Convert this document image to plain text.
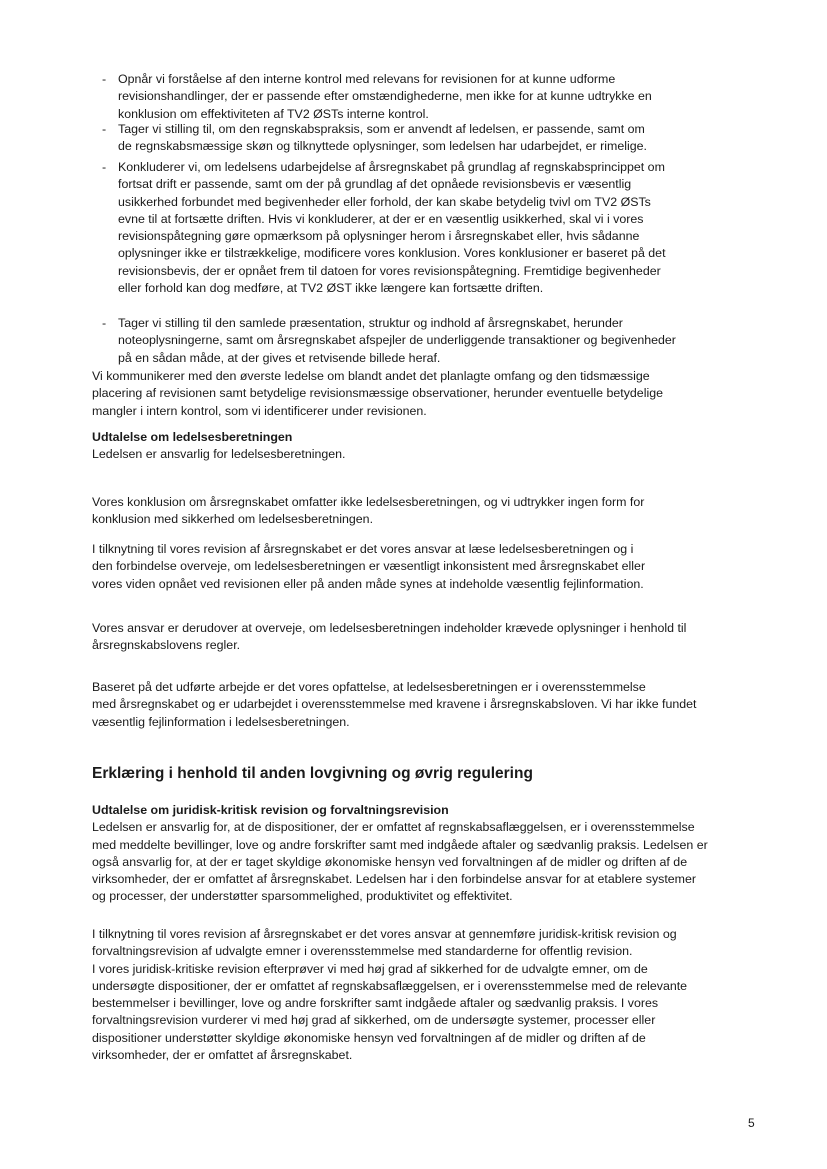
- Opnår vi forståelse af den interne kontrol med relevans for revisionen for at kunne udforme
revisionshandlinger, der er passende efter omstændighederne, men ikke for at kunne udtrykke en
konklusion om effektiviteten af TV2 ØSTs interne kontrol.
- Tager vi stilling til, om den regnskabspraksis, som er anvendt af ledelsen, er passende, samt om
de regnskabsmæssige skøn og tilknyttede oplysninger, som ledelsen har udarbejdet, er rimelige.
- Konkluderer vi, om ledelsens udarbejdelse af årsregnskabet på grundlag af regnskabsprincippet om
fortsat drift er passende, samt om der på grundlag af det opnåede revisionsbevis er væsentlig
usikkerhed forbundet med begivenheder eller forhold, der kan skabe betydelig tvivl om TV2 ØSTs
evne til at fortsætte driften. Hvis vi konkluderer, at der er en væsentlig usikkerhed, skal vi i vores
revisionspåtegning gøre opmærksom på oplysninger herom i årsregnskabet eller, hvis sådanne
oplysninger ikke er tilstrækkelige, modificere vores konklusion. Vores konklusioner er baseret på det
revisionsbevis, der er opnået frem til datoen for vores revisionspåtegning. Fremtidige begivenheder
eller forhold kan dog medføre, at TV2 ØST ikke længere kan fortsætte driften.
- Tager vi stilling til den samlede præsentation, struktur og indhold af årsregnskabet, herunder
noteoplysningerne, samt om årsregnskabet afspejler de underliggende transaktioner og begivenheder
på en sådan måde, at der gives et retvisende billede heraf.
Vi kommunikerer med den øverste ledelse om blandt andet det planlagte omfang og den tidsmæssige
placering af revisionen samt betydelige revisionsmæssige observationer, herunder eventuelle betydelige
mangler i intern kontrol, som vi identificerer under revisionen.
Udtalelse om ledelsesberetningen
Ledelsen er ansvarlig for ledelsesberetningen.
Vores konklusion om årsregnskabet omfatter ikke ledelsesberetningen, og vi udtrykker ingen form for
konklusion med sikkerhed om ledelsesberetningen.
I tilknytning til vores revision af årsregnskabet er det vores ansvar at læse ledelsesberetningen og i
den forbindelse overveje, om ledelsesberetningen er væsentligt inkonsistent med årsregnskabet eller
vores viden opnået ved revisionen eller på anden måde synes at indeholde væsentlig fejlinformation.
Vores ansvar er derudover at overveje, om ledelsesberetningen indeholder krævede oplysninger i henhold til
årsregnskabslovens regler.
Baseret på det udførte arbejde er det vores opfattelse, at ledelsesberetningen er i overensstemmelse
med årsregnskabet og er udarbejdet i overensstemmelse med kravene i årsregnskabsloven. Vi har ikke fundet
væsentlig fejlinformation i ledelsesberetningen.
Erklæring i henhold til anden lovgivning og øvrig regulering
Udtalelse om juridisk-kritisk revision og forvaltningsrevision
Ledelsen er ansvarlig for, at de dispositioner, der er omfattet af regnskabsaflæggelsen, er i overensstemmelse
med meddelte bevillinger, love og andre forskrifter samt med indgåede aftaler og sædvanlig praksis. Ledelsen er
også ansvarlig for, at der er taget skyldige økonomiske hensyn ved forvaltningen af de midler og driften af de
virksomheder, der er omfattet af årsregnskabet. Ledelsen har i den forbindelse ansvar for at etablere systemer
og processer, der understøtter sparsommelighed, produktivitet og effektivitet.
I tilknytning til vores revision af årsregnskabet er det vores ansvar at gennemføre juridisk-kritisk revision og
forvaltningsrevision af udvalgte emner i overensstemmelse med standarderne for offentlig revision.
I vores juridisk-kritiske revision efterprøver vi med høj grad af sikkerhed for de udvalgte emner, om de
undersøgte dispositioner, der er omfattet af regnskabsaflæggelsen, er i overensstemmelse med de relevante
bestemmelser i bevillinger, love og andre forskrifter samt indgåede aftaler og sædvanlig praksis. I vores
forvaltningsrevision vurderer vi med høj grad af sikkerhed, om de undersøgte systemer, processer eller
dispositioner understøtter skyldige økonomiske hensyn ved forvaltningen af de midler og driften af de
virksomheder, der er omfattet af årsregnskabet.
5
